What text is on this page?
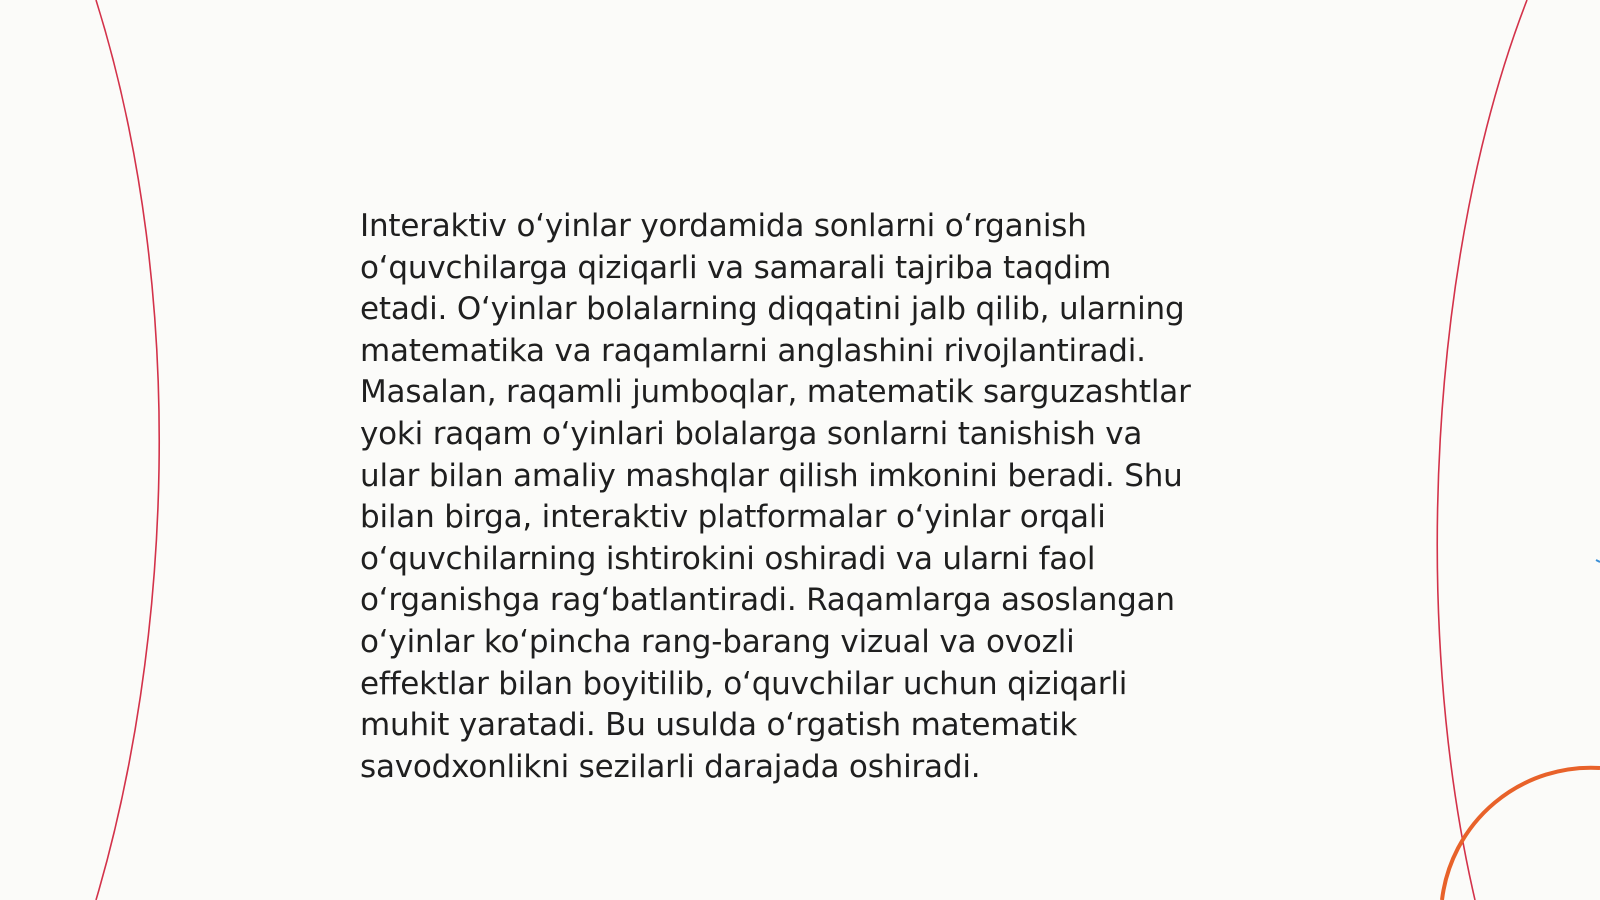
Interaktiv o‘yinlar yordamida sonlarni o‘rganish
o‘quvchilarga qiziqarli va samarali tajriba taqdim
etadi. O‘yinlar bolalarning diqqatini jalb qilib, ularning
matematika va raqamlarni anglashini rivojlantiradi.
Masalan, raqamli jumboqlar, matematik sarguzashtlar
yoki raqam o‘yinlari bolalarga sonlarni tanishish va
ular bilan amaliy mashqlar qilish imkonini beradi. Shu
bilan birga, interaktiv platformalar o‘yinlar orqali
o‘quvchilarning ishtirokini oshiradi va ularni faol
o‘rganishga rag‘batlantiradi. Raqamlarga asoslangan
o‘yinlar ko‘pincha rang-barang vizual va ovozli
effektlar bilan boyitilib, o‘quvchilar uchun qiziqarli
muhit yaratadi. Bu usulda o‘rgatish matematik
savodxonlikni sezilarli darajada oshiradi.
